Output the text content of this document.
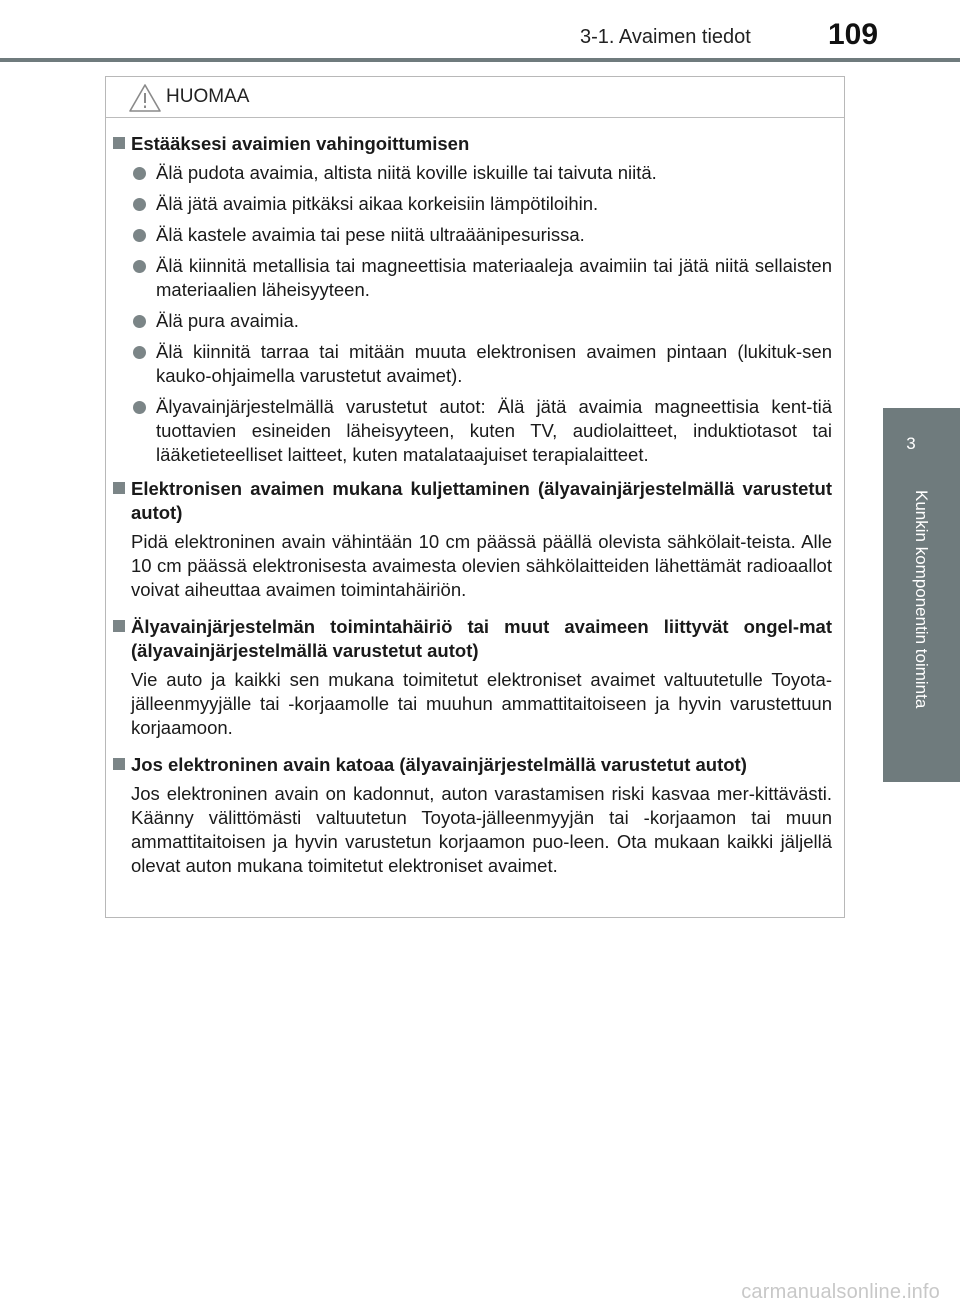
3-1. Avaimen tiedot	109
3
Kunkin komponentin toiminta
HUOMAA
Estääksesi avaimien vahingoittumisen
Älä pudota avaimia, altista niitä koville iskuille tai taivuta niitä.
Älä jätä avaimia pitkäksi aikaa korkeisiin lämpötiloihin.
Älä kastele avaimia tai pese niitä ultraäänipesurissa.
Älä kiinnitä metallisia tai magneettisia materiaaleja avaimiin tai jätä niitä sellaisten materiaalien läheisyyteen.
Älä pura avaimia.
Älä kiinnitä tarraa tai mitään muuta elektronisen avaimen pintaan (lukituk-sen kauko-ohjaimella varustetut avaimet).
Älyavainjärjestelmällä varustetut autot: Älä jätä avaimia magneettisia kent-tiä tuottavien esineiden läheisyyteen, kuten TV, audiolaitteet, induktiotasot tai lääketieteelliset laitteet, kuten matalataajuiset terapialaitteet.
Elektronisen avaimen mukana kuljettaminen (älyavainjärjestelmällä varustetut autot)
Pidä elektroninen avain vähintään 10 cm päässä päällä olevista sähkölait-teista. Alle 10 cm päässä elektronisesta avaimesta olevien sähkölaitteiden lähettämät radioaallot voivat aiheuttaa avaimen toimintahäiriön.
Älyavainjärjestelmän toimintahäiriö tai muut avaimeen liittyvät ongel-mat (älyavainjärjestelmällä varustetut autot)
Vie auto ja kaikki sen mukana toimitetut elektroniset avaimet valtuutetulle Toyota-jälleenmyyjälle tai -korjaamolle tai muuhun ammattitaitoiseen ja hyvin varustettuun korjaamoon.
Jos elektroninen avain katoaa (älyavainjärjestelmällä varustetut autot)
Jos elektroninen avain on kadonnut, auton varastamisen riski kasvaa mer-kittävästi. Käänny välittömästi valtuutetun Toyota-jälleenmyyjän tai -korjaamon tai muun ammattitaitoisen ja hyvin varustetun korjaamon puo-leen. Ota mukaan kaikki jäljellä olevat auton mukana toimitetut elektroniset avaimet.
carmanualsonline.info
